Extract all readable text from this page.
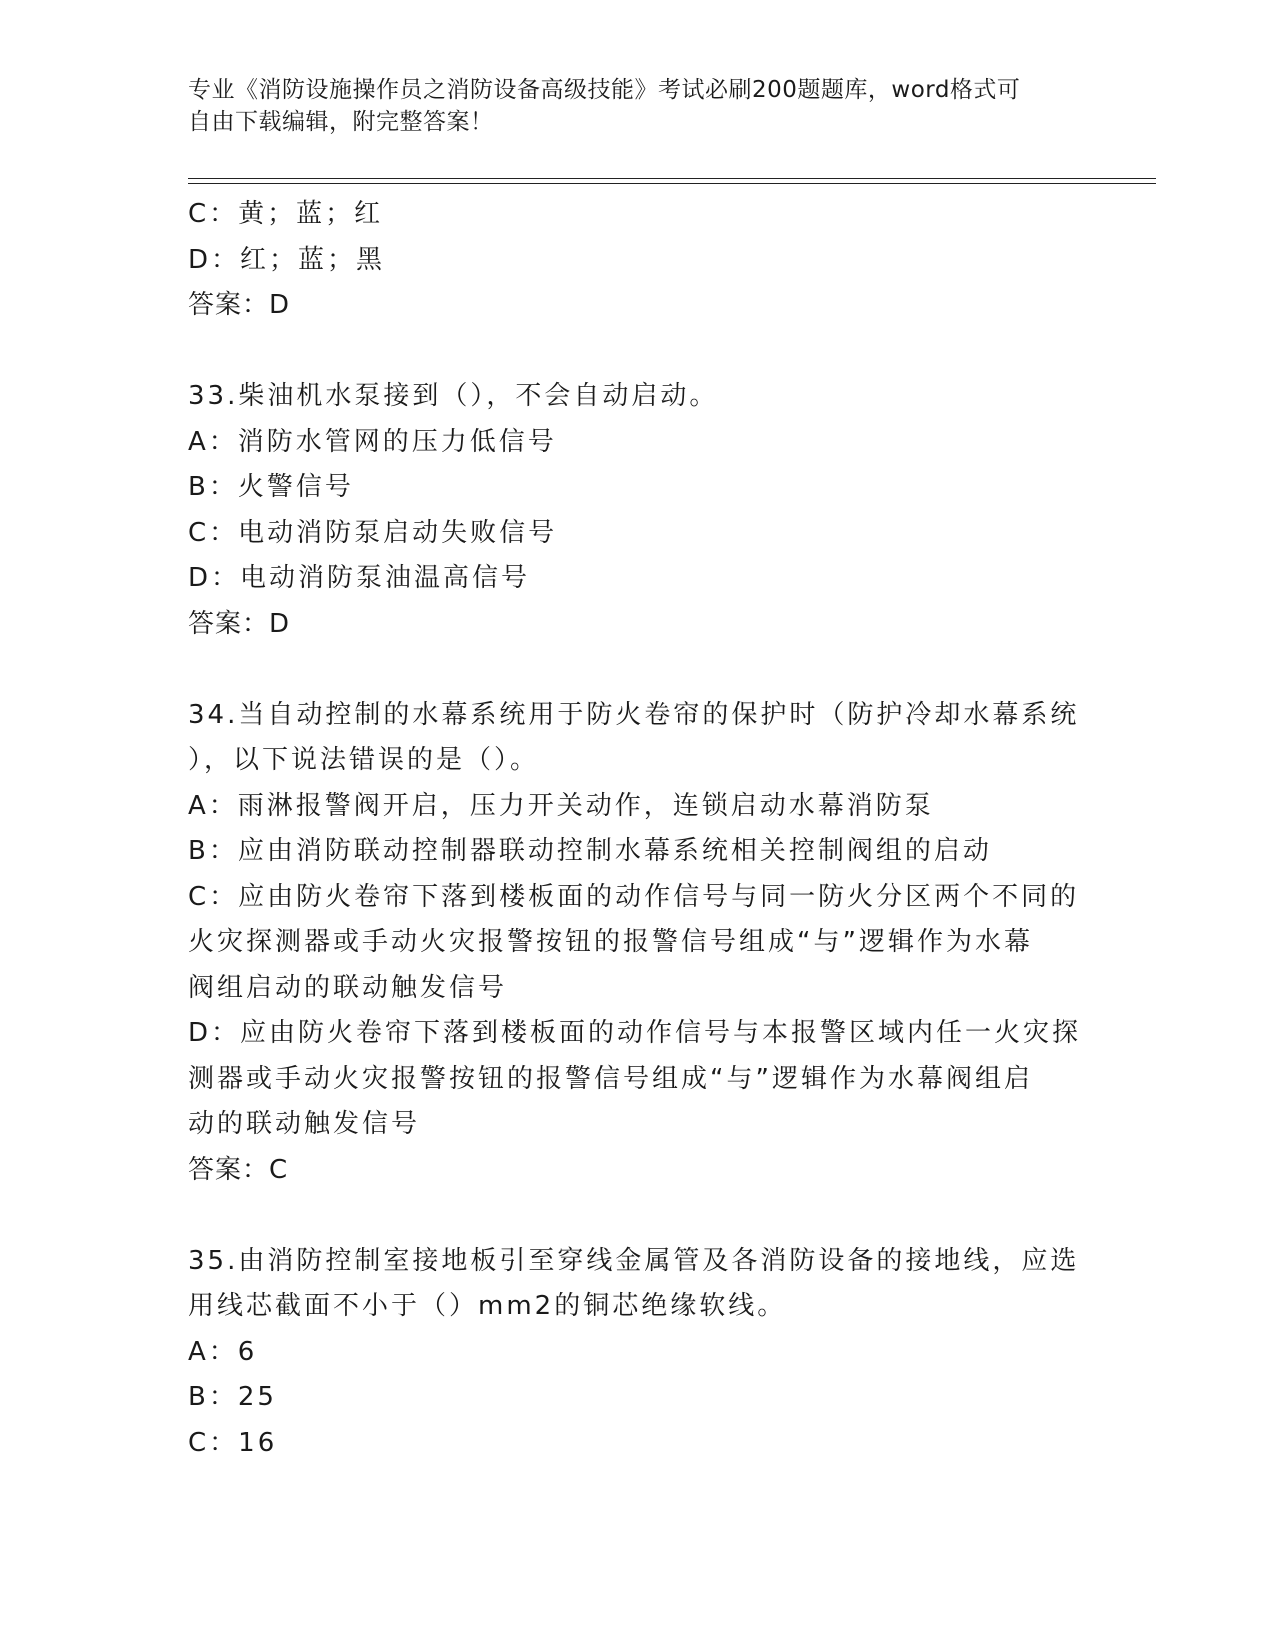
专业《消防设施操作员之消防设备高级技能》考试必刷200题题库，word格式可
自由下载编辑，附完整答案！
C：黄；蓝；红
D：红；蓝；黑
答案：D
33.柴油机水泵接到（），不会自动启动。
A：消防水管网的压力低信号
B：火警信号
C：电动消防泵启动失败信号
D：电动消防泵油温高信号
答案：D
34.当自动控制的水幕系统用于防火卷帘的保护时（防护冷却水幕系统
），以下说法错误的是（）。
A：雨淋报警阀开启，压力开关动作，连锁启动水幕消防泵
B：应由消防联动控制器联动控制水幕系统相关控制阀组的启动
C：应由防火卷帘下落到楼板面的动作信号与同一防火分区两个不同的
火灾探测器或手动火灾报警按钮的报警信号组成“与”逻辑作为水幕
阀组启动的联动触发信号
D：应由防火卷帘下落到楼板面的动作信号与本报警区域内任一火灾探
测器或手动火灾报警按钮的报警信号组成“与”逻辑作为水幕阀组启
动的联动触发信号
答案：C
35.由消防控制室接地板引至穿线金属管及各消防设备的接地线，应选
用线芯截面不小于（）mm2的铜芯绝缘软线。
A：6
B：25
C：16
